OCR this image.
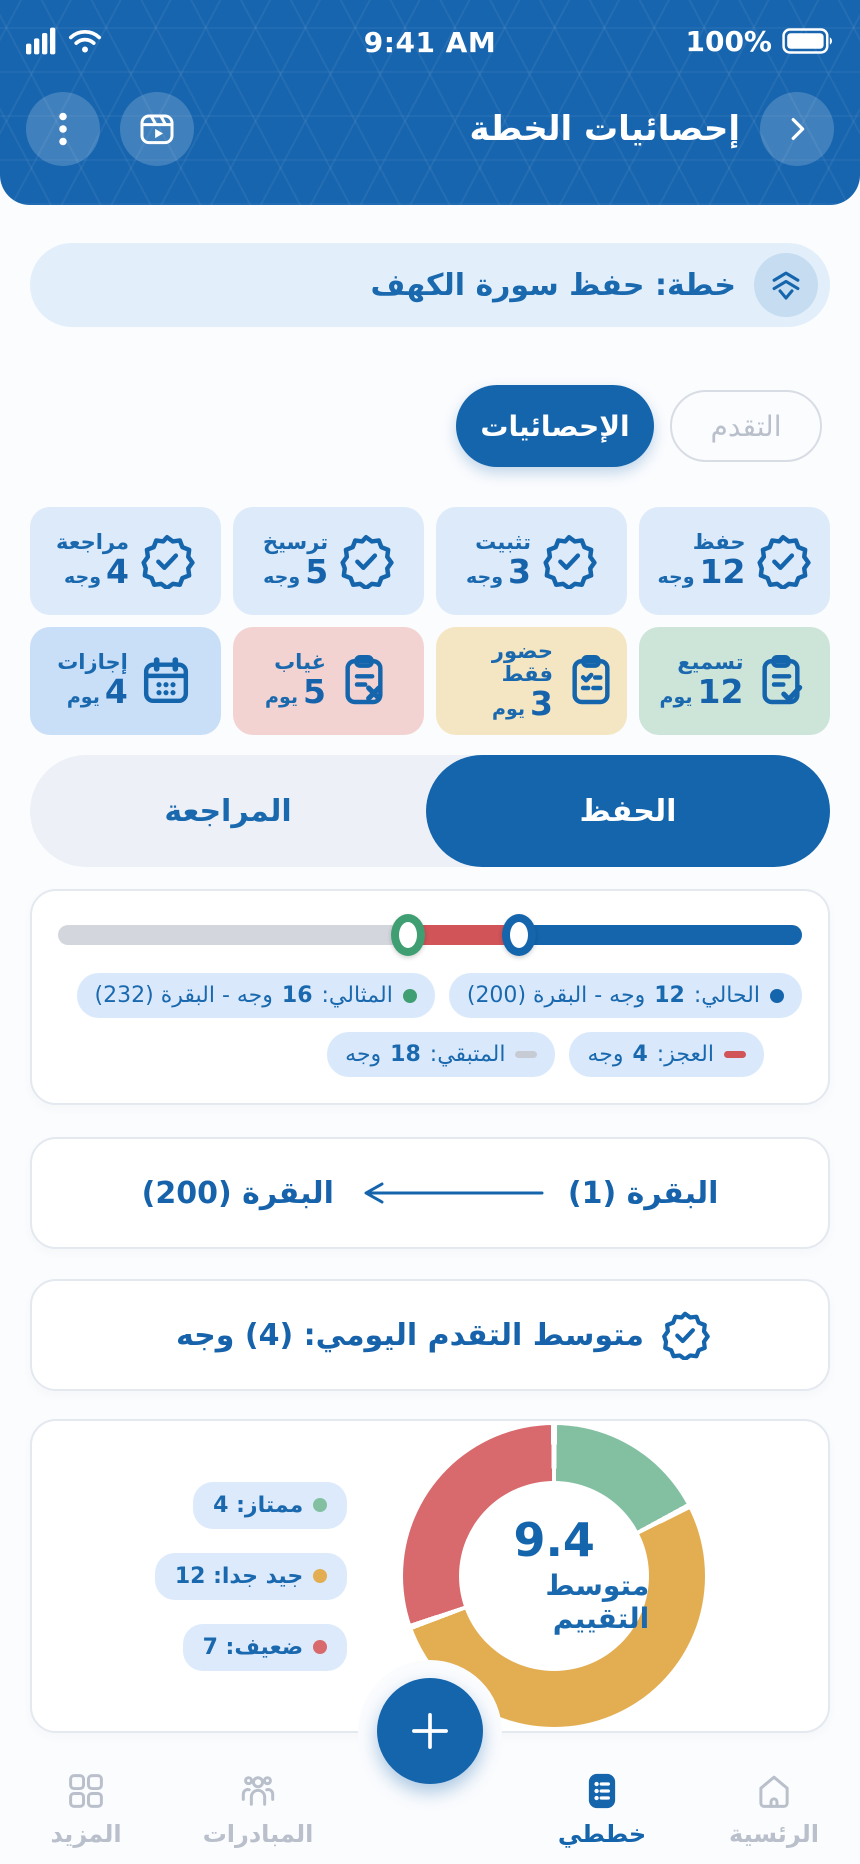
9:41 AM	100%
إحصائيات الخطة
خطة: حفظ سورة الكهف
التقدم
الإحصائيات
حفظ
12
وجه
تثبيت
3
وجه
ترسيخ
5
وجه
مراجعة
4
وجه
تسميع
12
يوم
حضور فقط
3
يوم
غياب
5
يوم
إجازات
4
يوم
الحفظ
المراجعة
الحالي: 12 وجه - البقرة (200)
المثالي: 16 وجه - البقرة (232)
العجز: 4 وجه
المتبقي: 18 وجه
البقرة (1)
البقرة (200)
متوسط التقدم اليومي: (4) وجه
9.4
متوسط التقييم
ممتاز: 4
جيد جدا: 12
ضعيف: 7
الرئسية
خططي
المبادرات
المزيد
